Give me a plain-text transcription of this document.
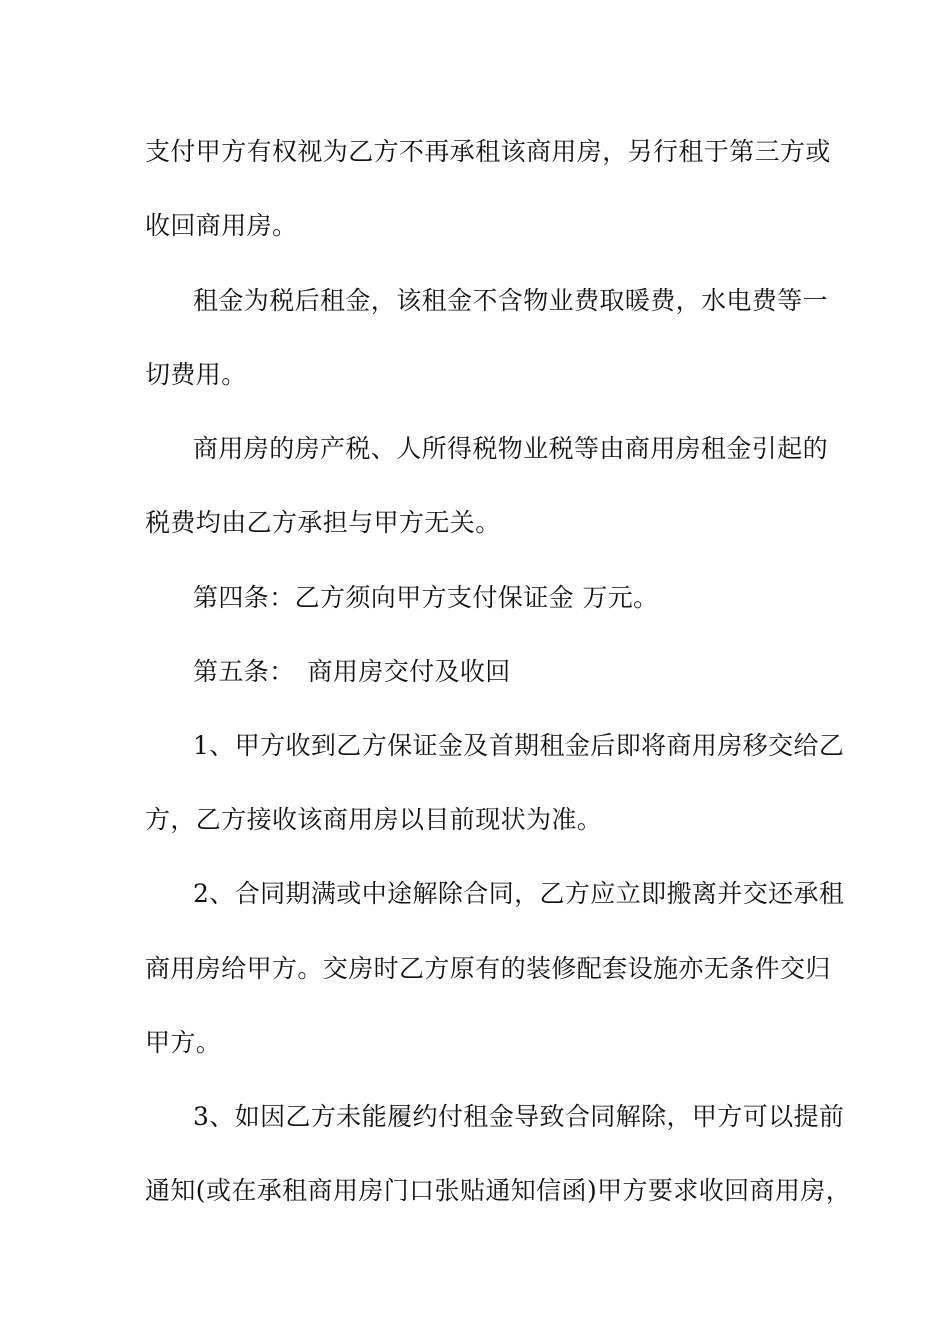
支付甲方有权视为乙方不再承租该商用房，另行租于第三方或
收回商用房。
租金为税后租金，该租金不含物业费取暖费，水电费等一
切费用。
商用房的房产税、人所得税物业税等由商用房租金引起的
税费均由乙方承担与甲方无关。
第四条：乙方须向甲方支付保证金 万元。
第五条：　商用房交付及收回
1、甲方收到乙方保证金及首期租金后即将商用房移交给乙
方，乙方接收该商用房以目前现状为准。
2、合同期满或中途解除合同，乙方应立即搬离并交还承租
商用房给甲方。交房时乙方原有的装修配套设施亦无条件交归
甲方。
3、如因乙方未能履约付租金导致合同解除，甲方可以提前
通知(或在承租商用房门口张贴通知信函)甲方要求收回商用房，
